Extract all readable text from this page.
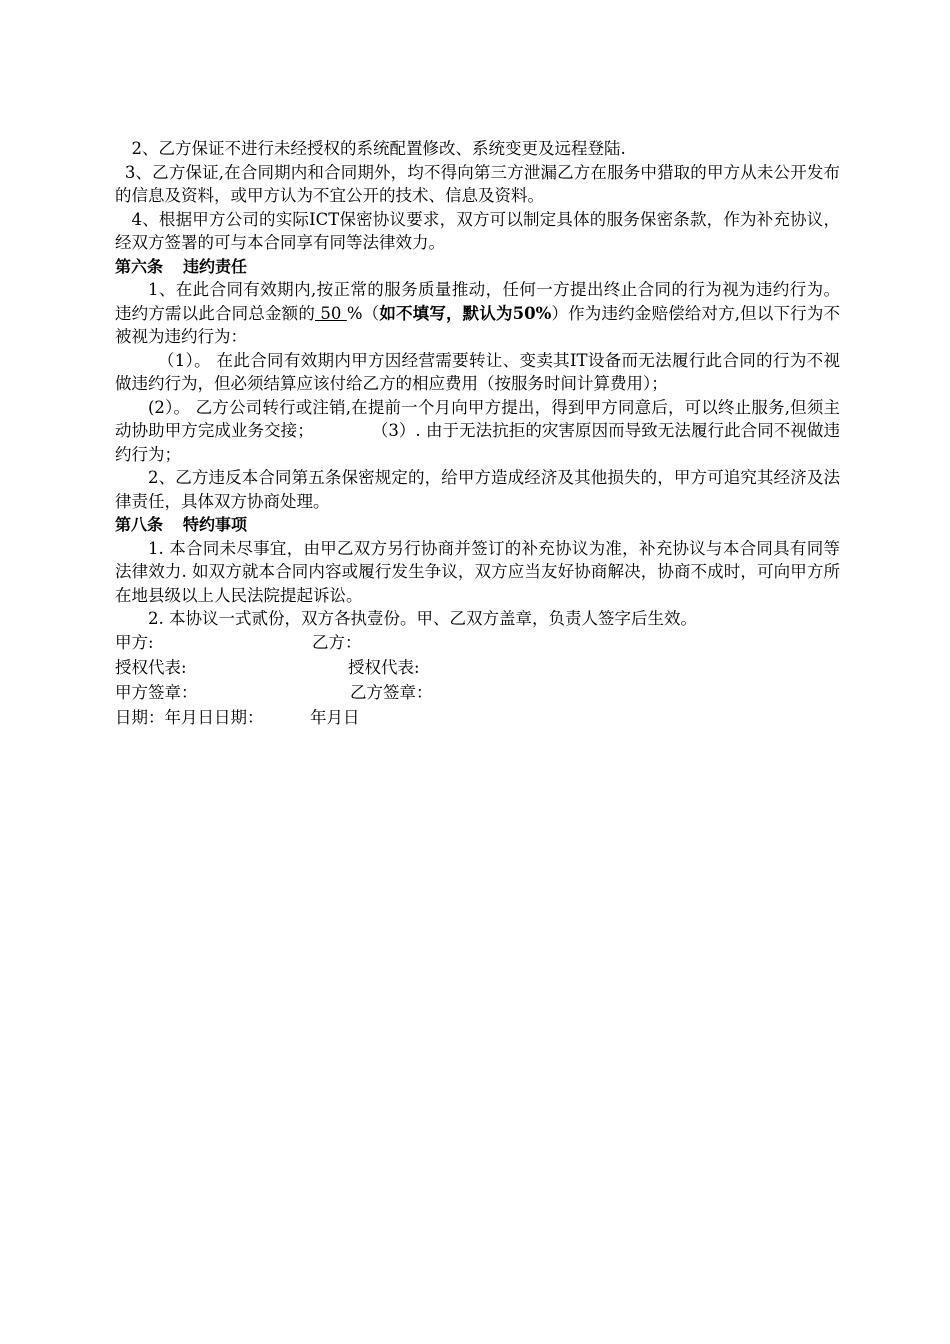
2、乙方保证不进行未经授权的系统配置修改、系统变更及远程登陆.

3、乙方保证,在合同期内和合同期外，均不得向第三方泄漏乙方在服务中猎取的甲方从未公开发布的信息及资料，或甲方认为不宜公开的技术、信息及资料。

4、根据甲方公司的实际ICT保密协议要求，双方可以制定具体的服务保密条款，作为补充协议，经双方签署的可与本合同享有同等法律效力。

第六条 违约责任

1、在此合同有效期内,按正常的服务质量推动，任何一方提出终止合同的行为视为违约行为。违约方需以此合同总金额的 50 %（如不填写，默认为50%）作为违约金赔偿给对方,但以下行为不被视为违约行为：

（1）。 在此合同有效期内甲方因经营需要转让、变卖其IT设备而无法履行此合同的行为不视做违约行为，但必须结算应该付给乙方的相应费用（按服务时间计算费用）；

(2）。 乙方公司转行或注销,在提前一个月向甲方提出，得到甲方同意后，可以终止服务,但须主动协助甲方完成业务交接；	（3）. 由于无法抗拒的灾害原因而导致无法履行此合同不视做违约行为；

2、乙方违反本合同第五条保密规定的，给甲方造成经济及其他损失的，甲方可追究其经济及法律责任，具体双方协商处理。

第八条 特约事项

1. 本合同未尽事宜，由甲乙双方另行协商并签订的补充协议为准，补充协议与本合同具有同等法律效力. 如双方就本合同内容或履行发生争议，双方应当友好协商解决，协商不成时，可向甲方所在地县级以上人民法院提起诉讼。

2. 本协议一式贰份，双方各执壹份。甲、乙双方盖章，负责人签字后生效。

甲方:	乙方：
授权代表:	授权代表:
甲方签章：	乙方签章：
日期：年月日日期：	年月日
